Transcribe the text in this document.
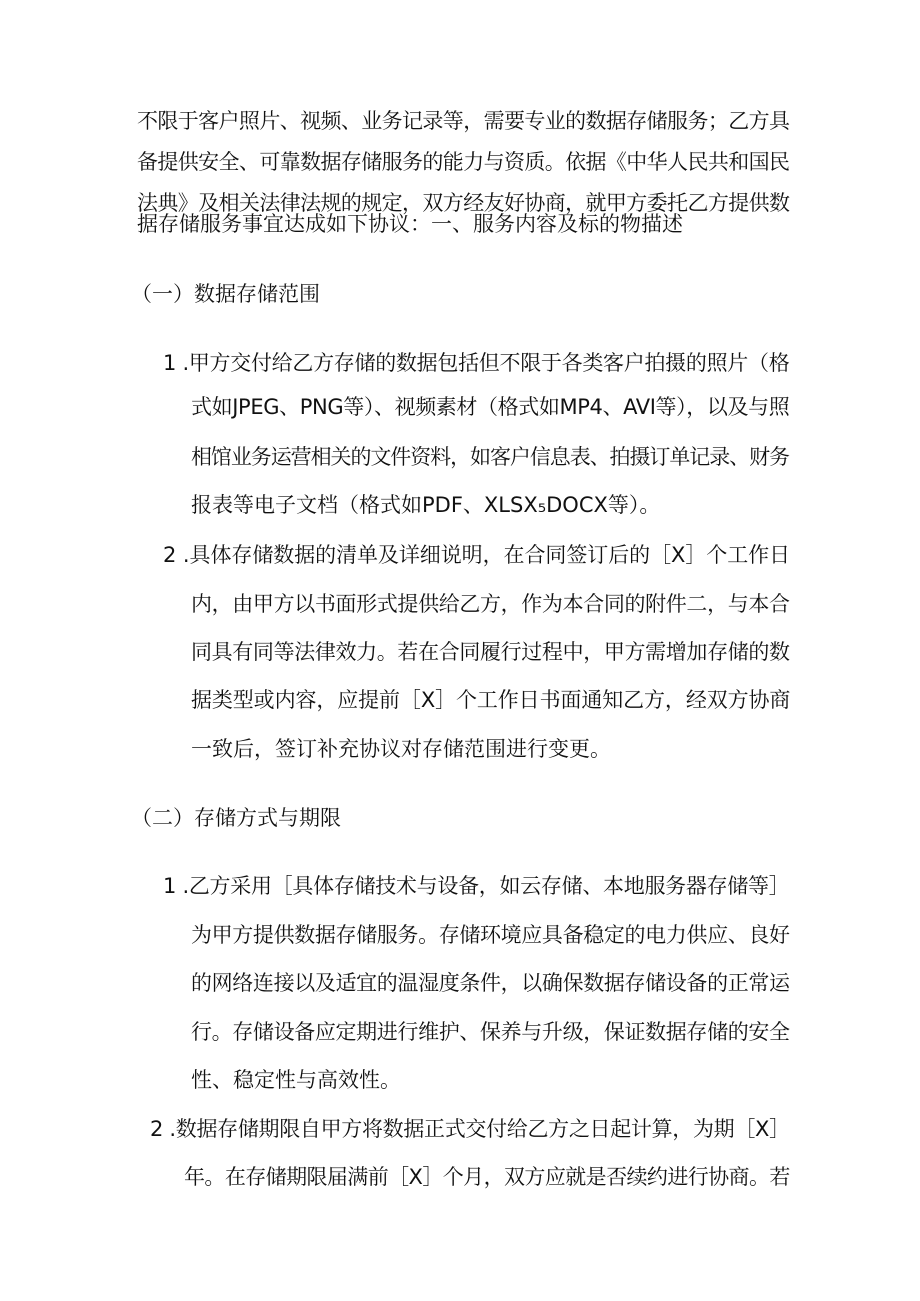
不限于客户照片、视频、业务记录等，需要专业的数据存储服务；乙方具
备提供安全、可靠数据存储服务的能力与资质。依据《中华人民共和国民
法典》及相关法律法规的规定，双方经友好协商，就甲方委托乙方提供数
据存储服务事宜达成如下协议：一、服务内容及标的物描述
（一）数据存储范围
1 .甲方交付给乙方存储的数据包括但不限于各类客户拍摄的照片（格
式如JPEG、PNG等）、视频素材（格式如MP4、AVI等），以及与照
相馆业务运营相关的文件资料，如客户信息表、拍摄订单记录、财务
报表等电子文档（格式如PDF、XLSX₅DOCX等）。
2 .具体存储数据的清单及详细说明，在合同签订后的［X］个工作日
内，由甲方以书面形式提供给乙方，作为本合同的附件二，与本合
同具有同等法律效力。若在合同履行过程中，甲方需增加存储的数
据类型或内容，应提前［X］个工作日书面通知乙方，经双方协商
一致后，签订补充协议对存储范围进行变更。
（二）存储方式与期限
1 .乙方采用［具体存储技术与设备，如云存储、本地服务器存储等］
为甲方提供数据存储服务。存储环境应具备稳定的电力供应、良好
的网络连接以及适宜的温湿度条件，以确保数据存储设备的正常运
行。存储设备应定期进行维护、保养与升级，保证数据存储的安全
性、稳定性与高效性。
2 .数据存储期限自甲方将数据正式交付给乙方之日起计算，为期［X］
年。在存储期限届满前［X］个月，双方应就是否续约进行协商。若
